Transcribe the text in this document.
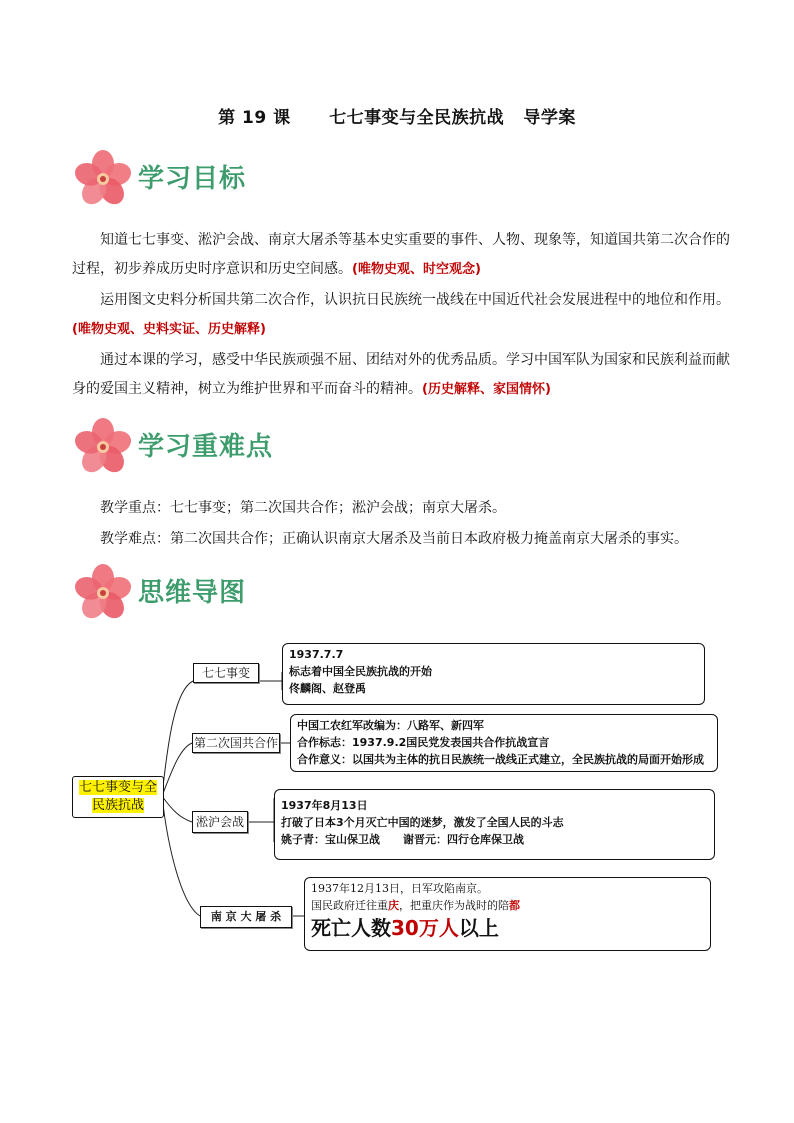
第 19 课 七七事变与全民族抗战 导学案
学习目标
知道七七事变、淞沪会战、南京大屠杀等基本史实重要的事件、人物、现象等，知道国共第二次合作的过程，初步养成历史时序意识和历史空间感。(唯物史观、时空观念)
运用图文史料分析国共第二次合作，认识抗日民族统一战线在中国近代社会发展进程中的地位和作用。(唯物史观、史料实证、历史解释)
通过本课的学习，感受中华民族顽强不屈、团结对外的优秀品质。学习中国军队为国家和民族利益而献身的爱国主义精神，树立为维护世界和平而奋斗的精神。(历史解释、家国情怀)
学习重难点
教学重点：七七事变；第二次国共合作；淞沪会战；南京大屠杀。
教学难点：第二次国共合作；正确认识南京大屠杀及当前日本政府极力掩盖南京大屠杀的事实。
思维导图
七七事变与全民族抗战
七七事变
第二次国共合作
淞沪会战
南 京 大 屠 杀
1937.7.7
标志着中国全民族抗战的开始
佟麟阁、赵登禹
中国工农红军改编为：八路军、新四军
合作标志：1937.9.2国民党发表国共合作抗战宣言
合作意义：以国共为主体的抗日民族统一战线正式建立，全民族抗战的局面开始形成
1937年8月13日
打破了日本3个月灭亡中国的迷梦，激发了全国人民的斗志
姚子青：宝山保卫战      谢晋元：四行仓库保卫战
1937年12月13日，日军攻陷南京。
国民政府迁往重庆，把重庆作为战时的陪都
死亡人数30万人以上
